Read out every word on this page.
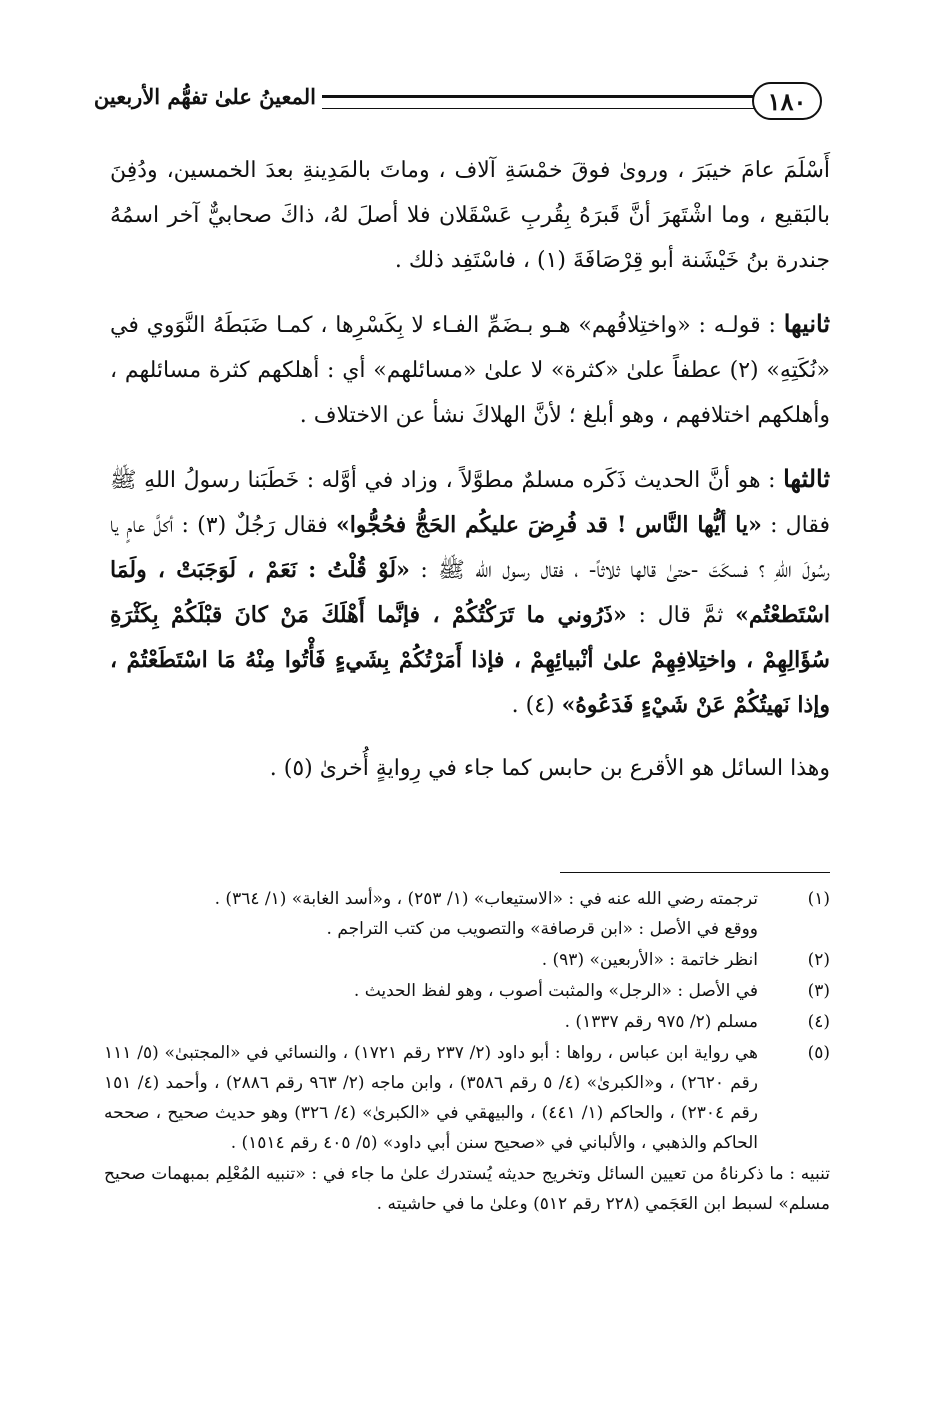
١٨٠
المعينُ علىٰ تفهُّم الأربعين

أَسْلَمَ عامَ خيبَرَ ، وروىٰ فوقَ خمْسَةِ آلاف ، وماتَ بالمَدِينةِ بعدَ الخمسين، ودُفِنَ بالبَقيع ، وما اشْتَهرَ أنَّ قَبرَهُ بِقُربِ عَسْقَلان فلا أصلَ لهُ، ذاكَ صحابيٌّ آخر اسمُهُ جندرة بنُ خَيْشَنة أبو قِرْصَافَةَ (١) ، فاسْتَفِد ذلك .

ثانيها : قولـه : «واختِلافُهم» هـو بـضَمِّ الفـاء لا بِكَسْرِها ، كمـا ضَبَطَهُ النَّوَوي في «نُكَتِهِ» (٢) عطفاً علىٰ «كثرة» لا علىٰ «مسائلهم» أي : أهلكهم كثرة مسائلهم ، وأهلكهم اختلافهم ، وهو أبلغ ؛ لأنَّ الهلاكَ نشأ عن الاختلاف .

ثالثها : هو أنَّ الحديث ذَكَره مسلمٌ مطوَّلاً ، وزاد في أوَّله : خَطَبَنا رسولُ اللهِ ﷺ فقال : «يا أيُّها النَّاس ! قد فُرِضَ عليكُم الحَجُّ فحُجُّوا» فقال رَجُلٌ (٣) : أكلَّ عامٍ يا رسُولَ اللهِ ؟ فسكَتَ -حتىٰ قالها ثلاثاً- ، فقال رسول الله ﷺ : «لَوْ قُلْتُ : نَعَمْ ، لَوَجَبَتْ ، ولَمَا اسْتَطعْتُم» ثمَّ قال : «ذَرُوني ما تَرَكْتُكُمْ ، فإنَّما أَهْلَكَ مَنْ كانَ قبْلَكُمْ بِكَثْرَةِ سُؤَالِهِمْ ، واختِلافِهِمْ علىٰ أنْبيائِهِمْ ، فإذا أَمَرْتُكُمْ بِشَيءٍ فَأْتُوا مِنْهُ مَا اسْتَطَعْتُمْ ، وإذا نَهيتُكُمْ عَنْ شَيْءٍ فَدَعُوهُ» (٤) .

وهذا السائل هو الأقرع بن حابس كما جاء في رِوايةٍ أُخرىٰ (٥) .

(١)
ترجمته رضي الله عنه في : «الاستيعاب» (١/ ٢٥٣) ، و«أسد الغابة» (١/ ٣٦٤) .
ووقع في الأصل : «ابن قرصافة» والتصويب من كتب التراجم .
(٢)
انظر خاتمة : «الأربعين» (٩٣) .
(٣)
في الأصل : «الرجل» والمثبت أصوب ، وهو لفظ الحديث .
(٤)
مسلم (٢/ ٩٧٥ رقم ١٣٣٧) .
(٥)
هي رواية ابن عباس ، رواها : أبو داود (٢/ ٢٣٧ رقم ١٧٢١) ، والنسائي في «المجتبىٰ» (٥/ ١١١ رقم ٢٦٢٠) ، و«الكبرىٰ» (٤/ ٥ رقم ٣٥٨٦) ، وابن ماجه (٢/ ٩٦٣ رقم ٢٨٨٦) ، وأحمد (٤/ ١٥١ رقم ٢٣٠٤) ، والحاكم (١/ ٤٤١) ، والبيهقي في «الكبرىٰ» (٤/ ٣٢٦) وهو حديث صحيح ، صححه الحاكم والذهبي ، والألباني في «صحيح سنن أبي داود» (٥/ ٤٠٥ رقم ١٥١٤) .
تنبيه : ما ذكرناهُ من تعيين السائل وتخريج حديثه يُستدرك علىٰ ما جاء في : «تنبيه المُعْلِم بمبهمات صحيح مسلم» لسبط ابن العَجَمي (٢٢٨ رقم ٥١٢) وعلىٰ ما في حاشيته .
